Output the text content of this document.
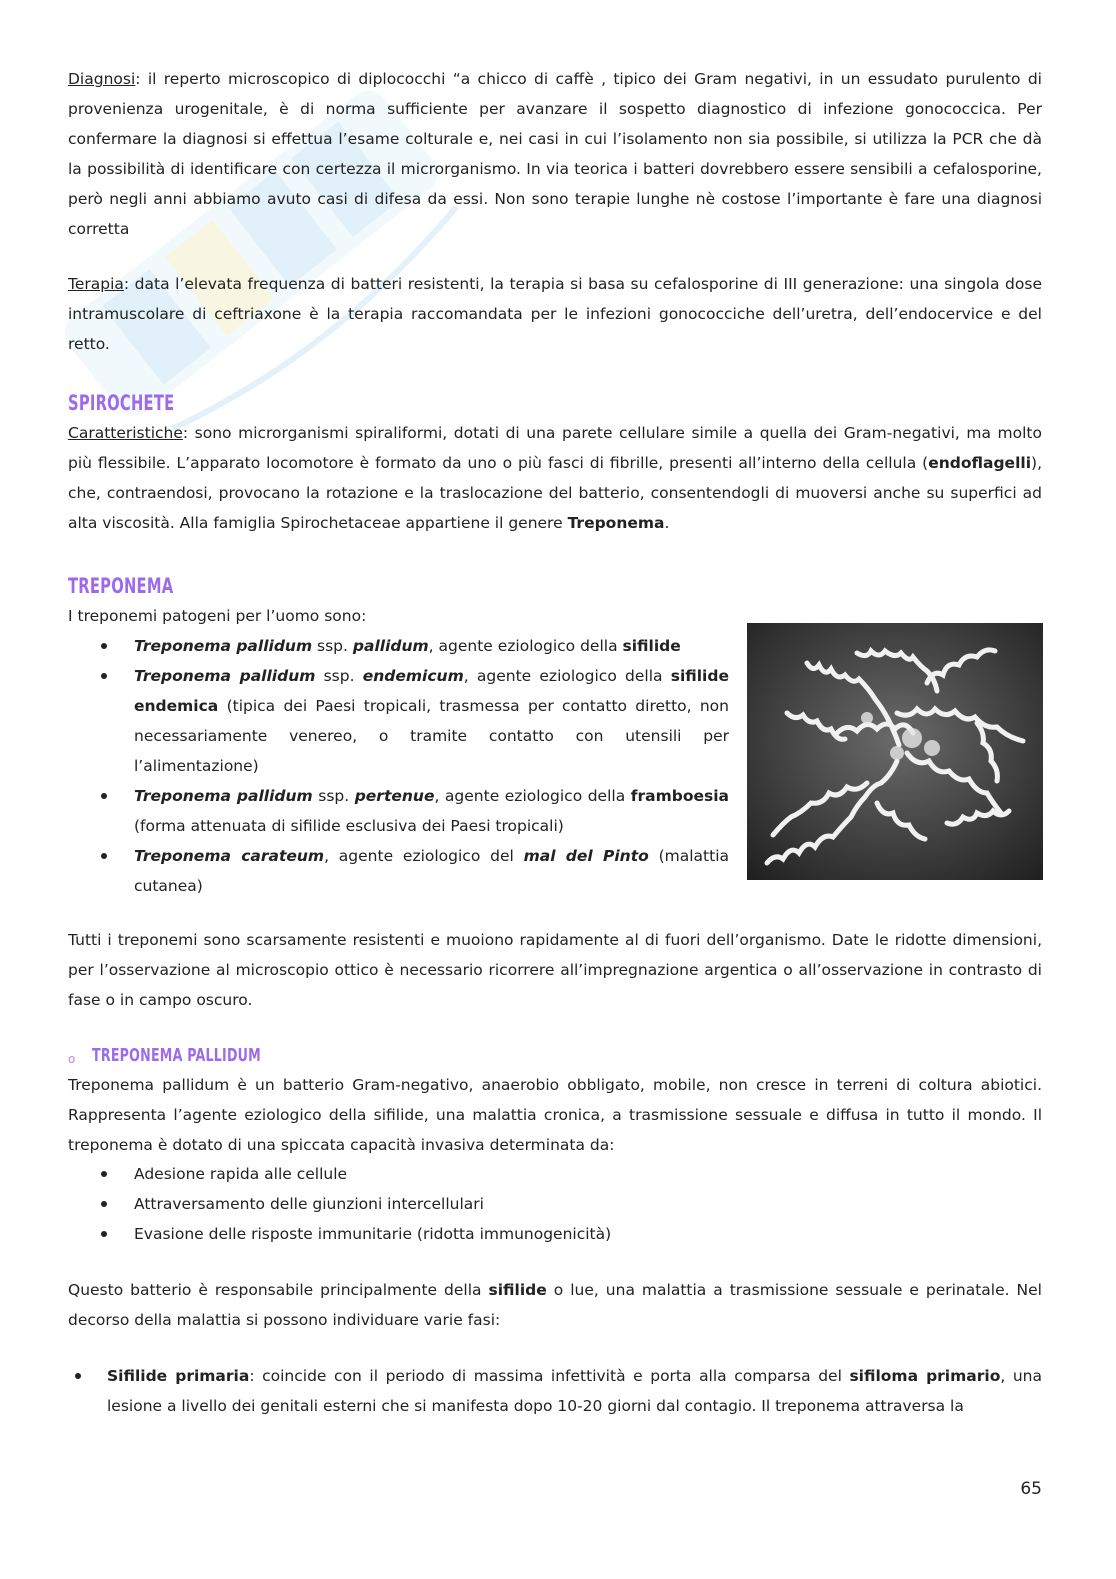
Diagnosi: il reperto microscopico di diplococchi “a chicco di caffè , tipico dei Gram negativi, in un essudato purulento di provenienza urogenitale, è di norma sufficiente per avanzare il sospetto diagnostico di infezione gonococcica. Per confermare la diagnosi si effettua l’esame colturale e, nei casi in cui l’isolamento non sia possibile, si utilizza la PCR che dà la possibilità di identificare con certezza il microrganismo. In via teorica i batteri dovrebbero essere sensibili a cefalosporine, però negli anni abbiamo avuto casi di difesa da essi. Non sono terapie lunghe nè costose l’importante è fare una diagnosi corretta

Terapia: data l’elevata frequenza di batteri resistenti, la terapia si basa su cefalosporine di III generazione: una singola dose intramuscolare di ceftriaxone è la terapia raccomandata per le infezioni gonococciche dell’uretra, dell’endocervice e del retto.

SPIROCHETE

Caratteristiche: sono microrganismi spiraliformi, dotati di una parete cellulare simile a quella dei Gram-negativi, ma molto più flessibile. L’apparato locomotore è formato da uno o più fasci di fibrille, presenti all’interno della cellula (endoflagelli), che, contraendosi, provocano la rotazione e la traslocazione del batterio, consentendogli di muoversi anche su superfici ad alta viscosità. Alla famiglia Spirochetaceae appartiene il genere Treponema.

TREPONEMA

I treponemi patogeni per l’uomo sono:

Treponema pallidum ssp. pallidum, agente eziologico della sifilide
Treponema pallidum ssp. endemicum, agente eziologico della sifilide endemica (tipica dei Paesi tropicali, trasmessa per contatto diretto, non necessariamente venereo, o tramite contatto con utensili per l’alimentazione)
Treponema pallidum ssp. pertenue, agente eziologico della framboesia (forma attenuata di sifilide esclusiva dei Paesi tropicali)
Treponema carateum, agente eziologico del mal del Pinto (malattia cutanea)

Tutti i treponemi sono scarsamente resistenti e muoiono rapidamente al di fuori dell’organismo. Date le ridotte dimensioni, per l’osservazione al microscopio ottico è necessario ricorrere all’impregnazione argentica o all’osservazione in contrasto di fase o in campo oscuro.

o TREPONEMA PALLIDUM

Treponema pallidum è un batterio Gram-negativo, anaerobio obbligato, mobile, non cresce in terreni di coltura abiotici. Rappresenta l’agente eziologico della sifilide, una malattia cronica, a trasmissione sessuale e diffusa in tutto il mondo. Il treponema è dotato di una spiccata capacità invasiva determinata da:

Adesione rapida alle cellule
Attraversamento delle giunzioni intercellulari
Evasione delle risposte immunitarie (ridotta immunogenicità)

Questo batterio è responsabile principalmente della sifilide o lue, una malattia a trasmissione sessuale e perinatale. Nel decorso della malattia si possono individuare varie fasi:

Sifilide primaria: coincide con il periodo di massima infettività e porta alla comparsa del sifiloma primario, una lesione a livello dei genitali esterni che si manifesta dopo 10-20 giorni dal contagio. Il treponema attraversa la
65
